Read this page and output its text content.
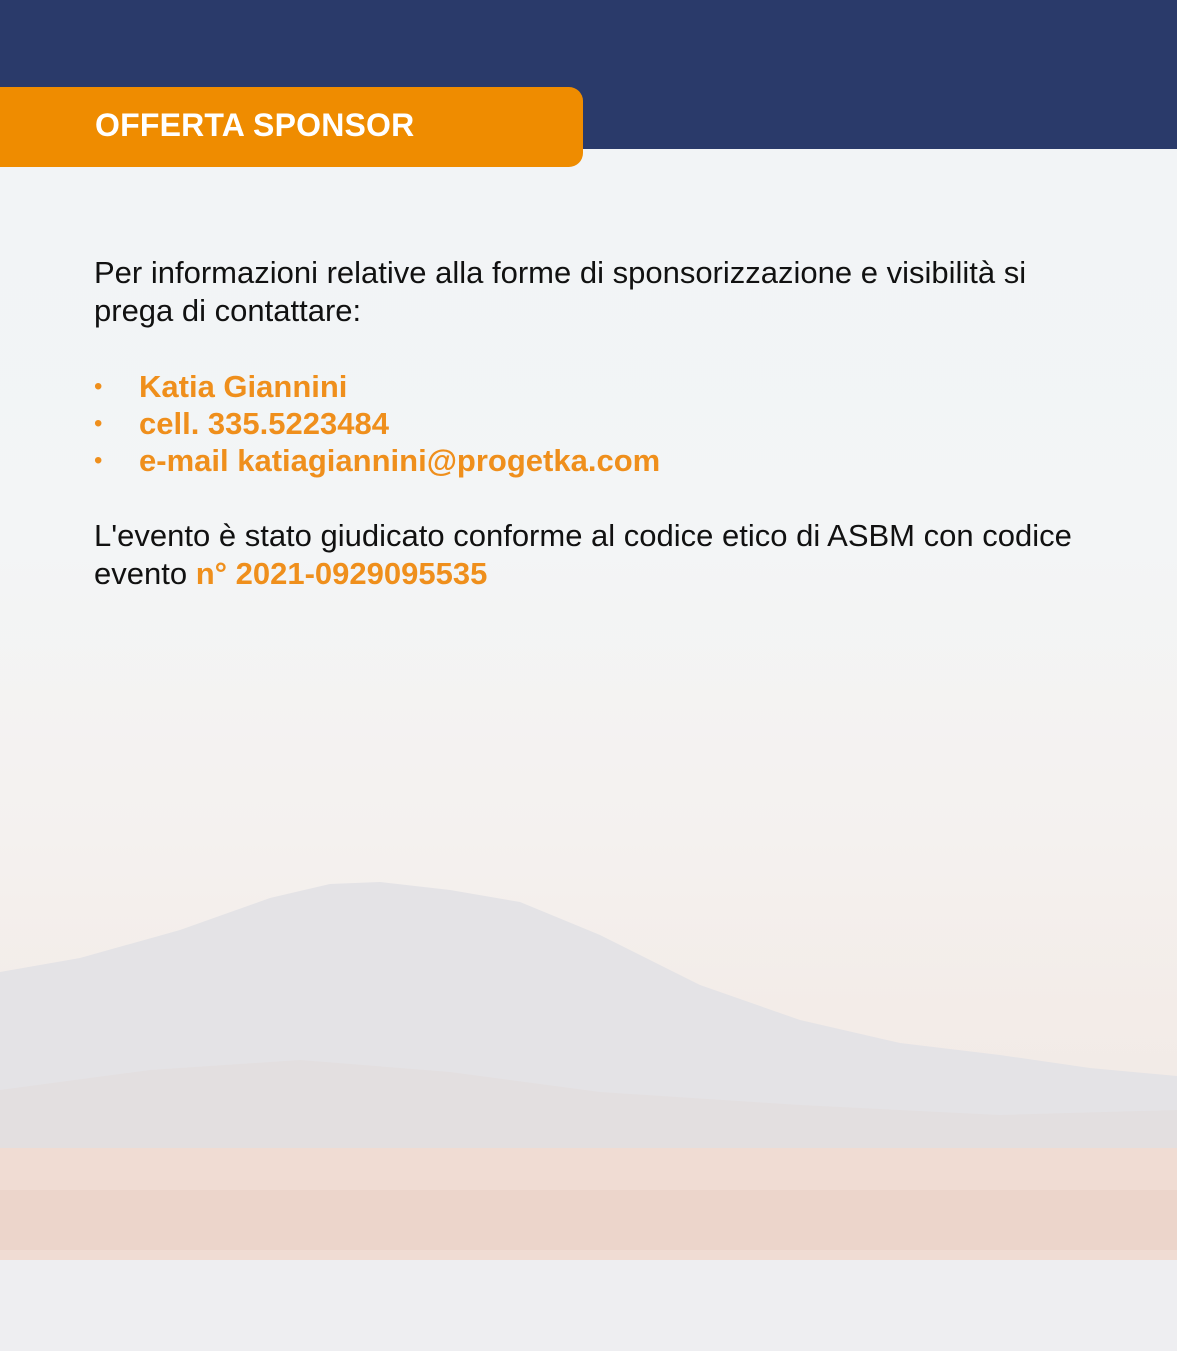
OFFERTA SPONSOR

Per informazioni relative alla forme di sponsorizzazione e visibilità si prega di contattare:

• Katia Giannini
• cell. 335.5223484
• e-mail katiagiannini@progetka.com

L'evento è stato giudicato conforme al codice etico di ASBM con codice evento n° 2021-0929095535
